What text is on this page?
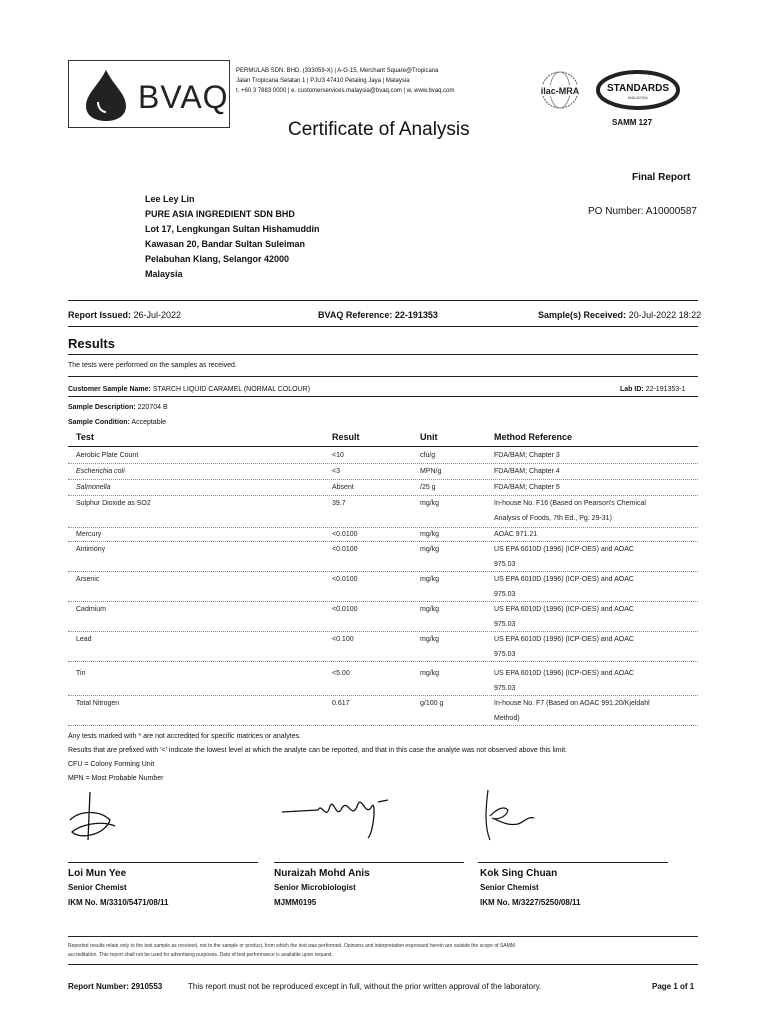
BVAQ
PERMULAB SDN. BHD. (333059-X) | A-G-15, Merchant Square@Tropicana
Jalan Tropicana Selatan 1 | PJU3 47410 Petaling Jaya | Malaysia
t. +60 3 7883 0000 | e. customerservices.malaysia@bvaq.com | w. www.bvaq.com	ilac-MRA	STANDARDS
MALAYSIA
SAMM 127
Certificate of Analysis
Final Report
Lee Ley Lin
PURE ASIA INGREDIENT SDN BHD
Lot 17, Lengkungan Sultan Hishamuddin
Kawasan 20, Bandar Sultan Suleiman
Pelabuhan Klang, Selangor 42000
Malaysia
PO Number: A10000587
Report Issued: 26-Jul-2022	BVAQ Reference: 22-191353	Sample(s) Received: 20-Jul-2022 18:22
Results
The tests were performed on the samples as received.
Customer Sample Name: STARCH LIQUID CARAMEL (NORMAL COLOUR)	Lab ID: 22-191353-1
Sample Description: 220704 B
Sample Condition: Acceptable
Test	Result	Unit	Method Reference
Aerobic Plate Count	<10	cfu/g	FDA/BAM; Chapter 3
Escherichia coli	<3	MPN/g	FDA/BAM; Chapter 4
Salmonella	Absent	/25 g	FDA/BAM; Chapter 5
Sulphur Dioxide as SO2	39.7	mg/kg	In-house No. F16 (Based on Pearson's Chemical
Analysis of Foods, 7th Ed., Pg. 29-31)
Mercury	<0.0100	mg/kg	AOAC 971.21
Antimony	<0.0100	mg/kg	US EPA 6010D (1996) (ICP-OES) and AOAC
975.03
Arsenic	<0.0100	mg/kg	US EPA 6010D (1996) (ICP-OES) and AOAC
975.03
Cadmium	<0.0100	mg/kg	US EPA 6010D (1996) (ICP-OES) and AOAC
975.03
Lead	<0.100	mg/kg	US EPA 6010D (1996) (ICP-OES) and AOAC
975.03
Tin	<5.00	mg/kg	US EPA 6010D (1996) (ICP-OES) and AOAC
975.03
Total Nitrogen	0.617	g/100 g	In-house No. F7 (Based on AOAC 991.20/Kjeldahl
Method)
Any tests marked with * are not accredited for specific matrices or analytes.
Results that are prefixed with '<' indicate the lowest level at which the analyte can be reported, and that in this case the analyte was not observed above this limit.
CFU = Colony Forming Unit
MPN = Most Probable Number
Loi Mun Yee
Senior Chemist
IKM No. M/3310/5471/08/11
Nuraizah Mohd Anis
Senior Microbiologist
MJMM0195
Kok Sing Chuan
Senior Chemist
IKM No. M/3227/5250/08/11
Reported results relate only to the test sample as received, not to the sample or product, from which the test was performed. Opinions and interpretation expressed herein are outside the scope of SAMM
accreditation. This report shall not be used for advertising purposes. Date of test performance is available upon request.
Report Number: 2910553	This report must not be reproduced except in full, without the prior written approval of the laboratory.	Page 1 of 1
